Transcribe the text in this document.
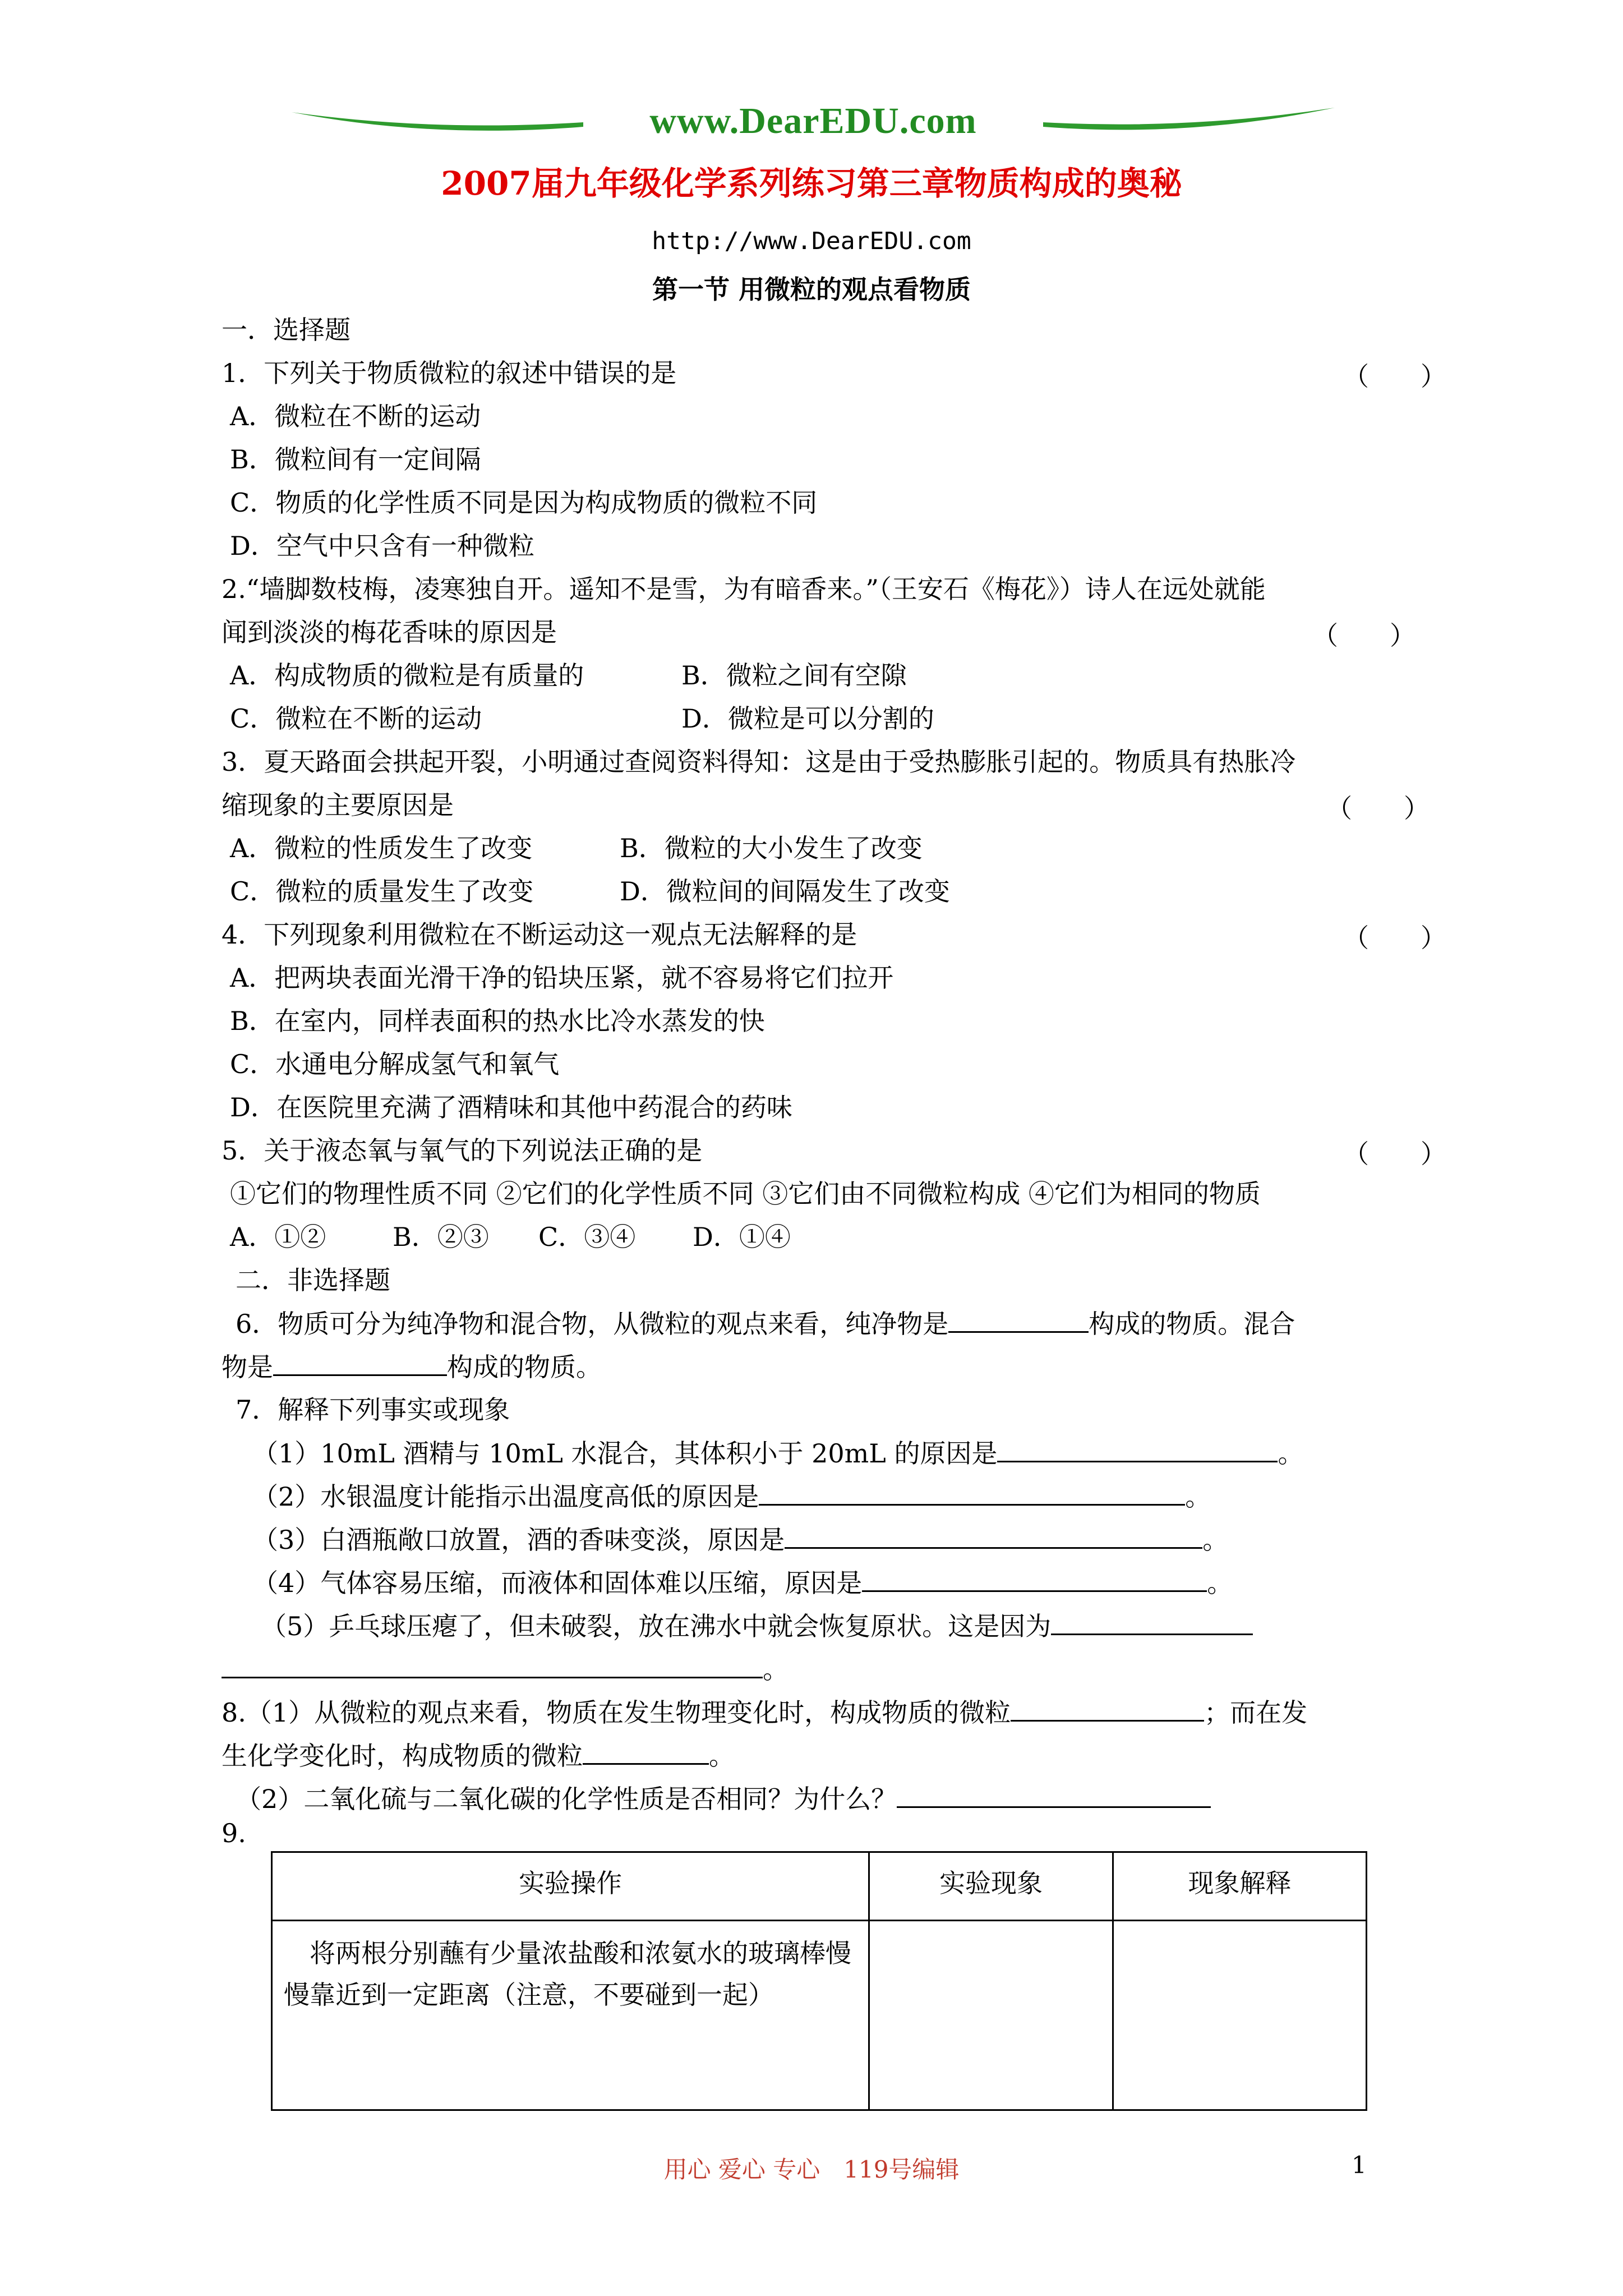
www.DearEDU.com
2007届九年级化学系列练习第三章物质构成的奥秘
http://www.DearEDU.com
第一节 用微粒的观点看物质
一．选择题
1．下列关于物质微粒的叙述中错误的是	（　　）
A．微粒在不断的运动
B．微粒间有一定间隔
C．物质的化学性质不同是因为构成物质的微粒不同
D．空气中只含有一种微粒
2.“墙脚数枝梅，凌寒独自开。遥知不是雪，为有暗香来。”（王安石《梅花》）诗人在远处就能
闻到淡淡的梅花香味的原因是	（　　）
A．构成物质的微粒是有质量的	B．微粒之间有空隙
C．微粒在不断的运动	D．微粒是可以分割的
3．夏天路面会拱起开裂，小明通过查阅资料得知：这是由于受热膨胀引起的。物质具有热胀冷
缩现象的主要原因是	（　　）
A．微粒的性质发生了改变	B．微粒的大小发生了改变
C．微粒的质量发生了改变	D．微粒间的间隔发生了改变
4．下列现象利用微粒在不断运动这一观点无法解释的是	（　　）
A．把两块表面光滑干净的铅块压紧，就不容易将它们拉开
B．在室内，同样表面积的热水比冷水蒸发的快
C．水通电分解成氢气和氧气
D．在医院里充满了酒精味和其他中药混合的药味
5．关于液态氧与氧气的下列说法正确的是	（　　）
①它们的物理性质不同 ②它们的化学性质不同 ③它们由不同微粒构成 ④它们为相同的物质
A．①②	B．②③ C．③④ D．①④
二．非选择题
6．物质可分为纯净物和混合物，从微粒的观点来看，纯净物是	构成的物质。混合
物是	构成的物质。
7．解释下列事实或现象
（1）10mL 酒精与 10mL 水混合，其体积小于 20mL 的原因是	。
（2）水银温度计能指示出温度高低的原因是	。
（3）白酒瓶敞口放置，酒的香味变淡，原因是	。
（4）气体容易压缩，而液体和固体难以压缩，原因是	。
（5）乒乓球压瘪了，但未破裂，放在沸水中就会恢复原状。这是因为
。
8.（1）从微粒的观点来看，物质在发生物理变化时，构成物质的微粒	；而在发
生化学变化时，构成物质的微粒	。
（2）二氧化硫与二氧化碳的化学性质是否相同？为什么？
9.
实验操作	实验现象	现象解释
　将两根分别蘸有少量浓盐酸和浓氨水的玻璃棒慢慢靠近到一定距离（注意，不要碰到一起）		
用心 爱心 专心　119号编辑	1
